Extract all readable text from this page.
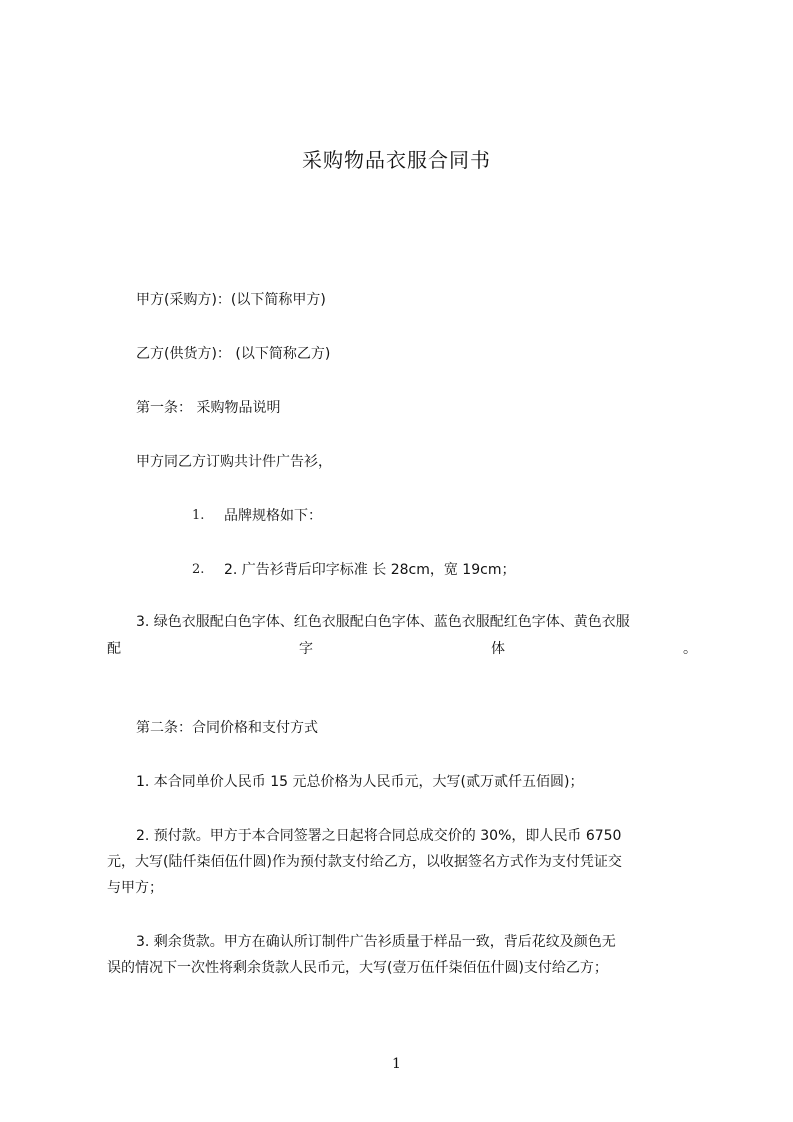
采购物品衣服合同书
甲方(采购方)：(以下简称甲方)
乙方(供货方)： (以下简称乙方)
第一条： 采购物品说明
甲方同乙方订购共计件广告衫，
1. 品牌规格如下：
2. 2. 广告衫背后印字标准 长 28cm，宽 19cm；
3. 绿色衣服配白色字体、红色衣服配白色字体、蓝色衣服配红色字体、黄色衣服
配	字	体	。
第二条：合同价格和支付方式
1. 本合同单价人民币 15 元总价格为人民币元，大写(贰万贰仟五佰圆)；
2. 预付款。甲方于本合同签署之日起将合同总成交价的 30%，即人民币 6750
元，大写(陆仟柒佰伍什圆)作为预付款支付给乙方，以收据签名方式作为支付凭证交
与甲方；
3. 剩余货款。甲方在确认所订制件广告衫质量于样品一致，背后花纹及颜色无
误的情况下一次性将剩余货款人民币元，大写(壹万伍仟柒佰伍什圆)支付给乙方；
1
